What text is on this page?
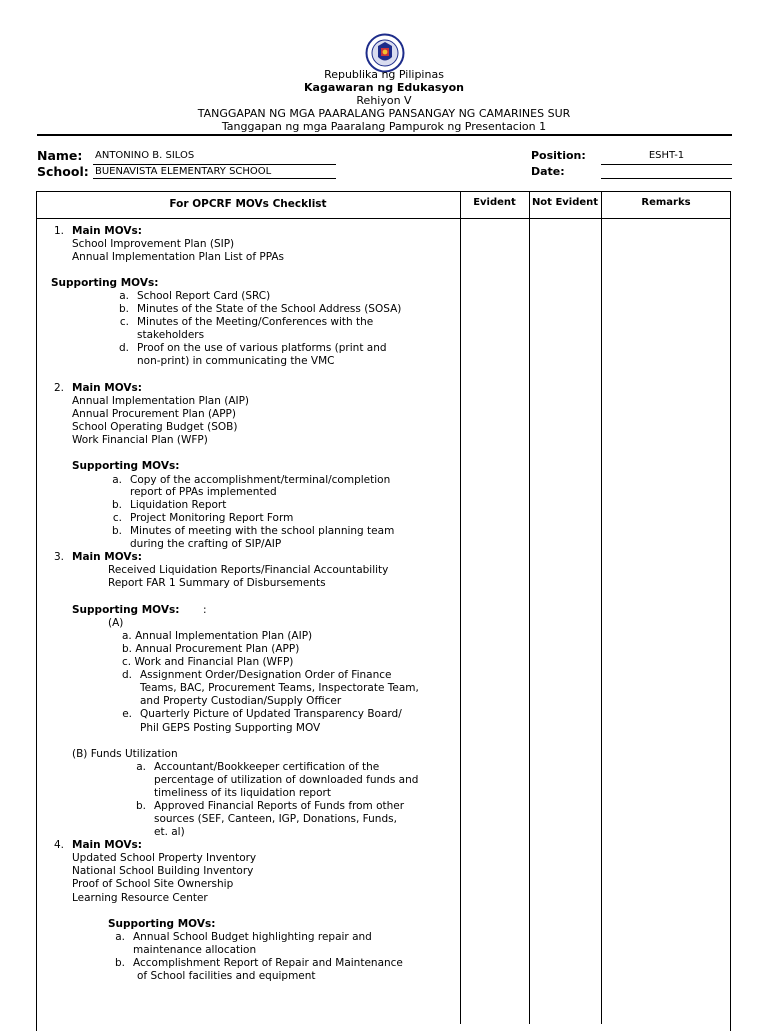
Republika ng Pilipinas
Kagawaran ng Edukasyon
Rehiyon V
TANGGAPAN NG MGA PAARALANG PANSANGAY NG CAMARINES SUR
Tanggapan ng mga Paaralang Pampurok ng Presentacion 1
Name: ANTONINO B. SILOS
School: BUENAVISTA ELEMENTARY SCHOOL
Position:	ESHT-1
Date:
For OPCRF MOVs Checklist	Evident	Not Evident	Remarks
1. Main MOVs:
School Improvement Plan (SIP)
Annual Implementation Plan List of PPAs
Supporting MOVs:
a. School Report Card (SRC)
b. Minutes of the State of the School Address (SOSA)
c. Minutes of the Meeting/Conferences with the
stakeholders
d. Proof on the use of various platforms (print and
non-print) in communicating the VMC
2. Main MOVs:
Annual Implementation Plan (AIP)
Annual Procurement Plan (APP)
School Operating Budget (SOB)
Work Financial Plan (WFP)
Supporting MOVs:
a. Copy of the accomplishment/terminal/completion
report of PPAs implemented
b. Liquidation Report
c. Project Monitoring Report Form
b. Minutes of meeting with the school planning team
during the crafting of SIP/AIP
3. Main MOVs:
Received Liquidation Reports/Financial Accountability
Report FAR 1 Summary of Disbursements
Supporting MOVs: :
(A)
a. Annual Implementation Plan (AIP)
b. Annual Procurement Plan (APP)
c. Work and Financial Plan (WFP)
d. Assignment Order/Designation Order of Finance
Teams, BAC, Procurement Teams, Inspectorate Team,
and Property Custodian/Supply Officer
e. Quarterly Picture of Updated Transparency Board/
Phil GEPS Posting Supporting MOV
(B) Funds Utilization
a. Accountant/Bookkeeper certification of the
percentage of utilization of downloaded funds and
timeliness of its liquidation report
b. Approved Financial Reports of Funds from other
sources (SEF, Canteen, IGP, Donations, Funds,
et. al)
4. Main MOVs:
Updated School Property Inventory
National School Building Inventory
Proof of School Site Ownership
Learning Resource Center
Supporting MOVs:
a. Annual School Budget highlighting repair and
maintenance allocation
b. Accomplishment Report of Repair and Maintenance
of School facilities and equipment
